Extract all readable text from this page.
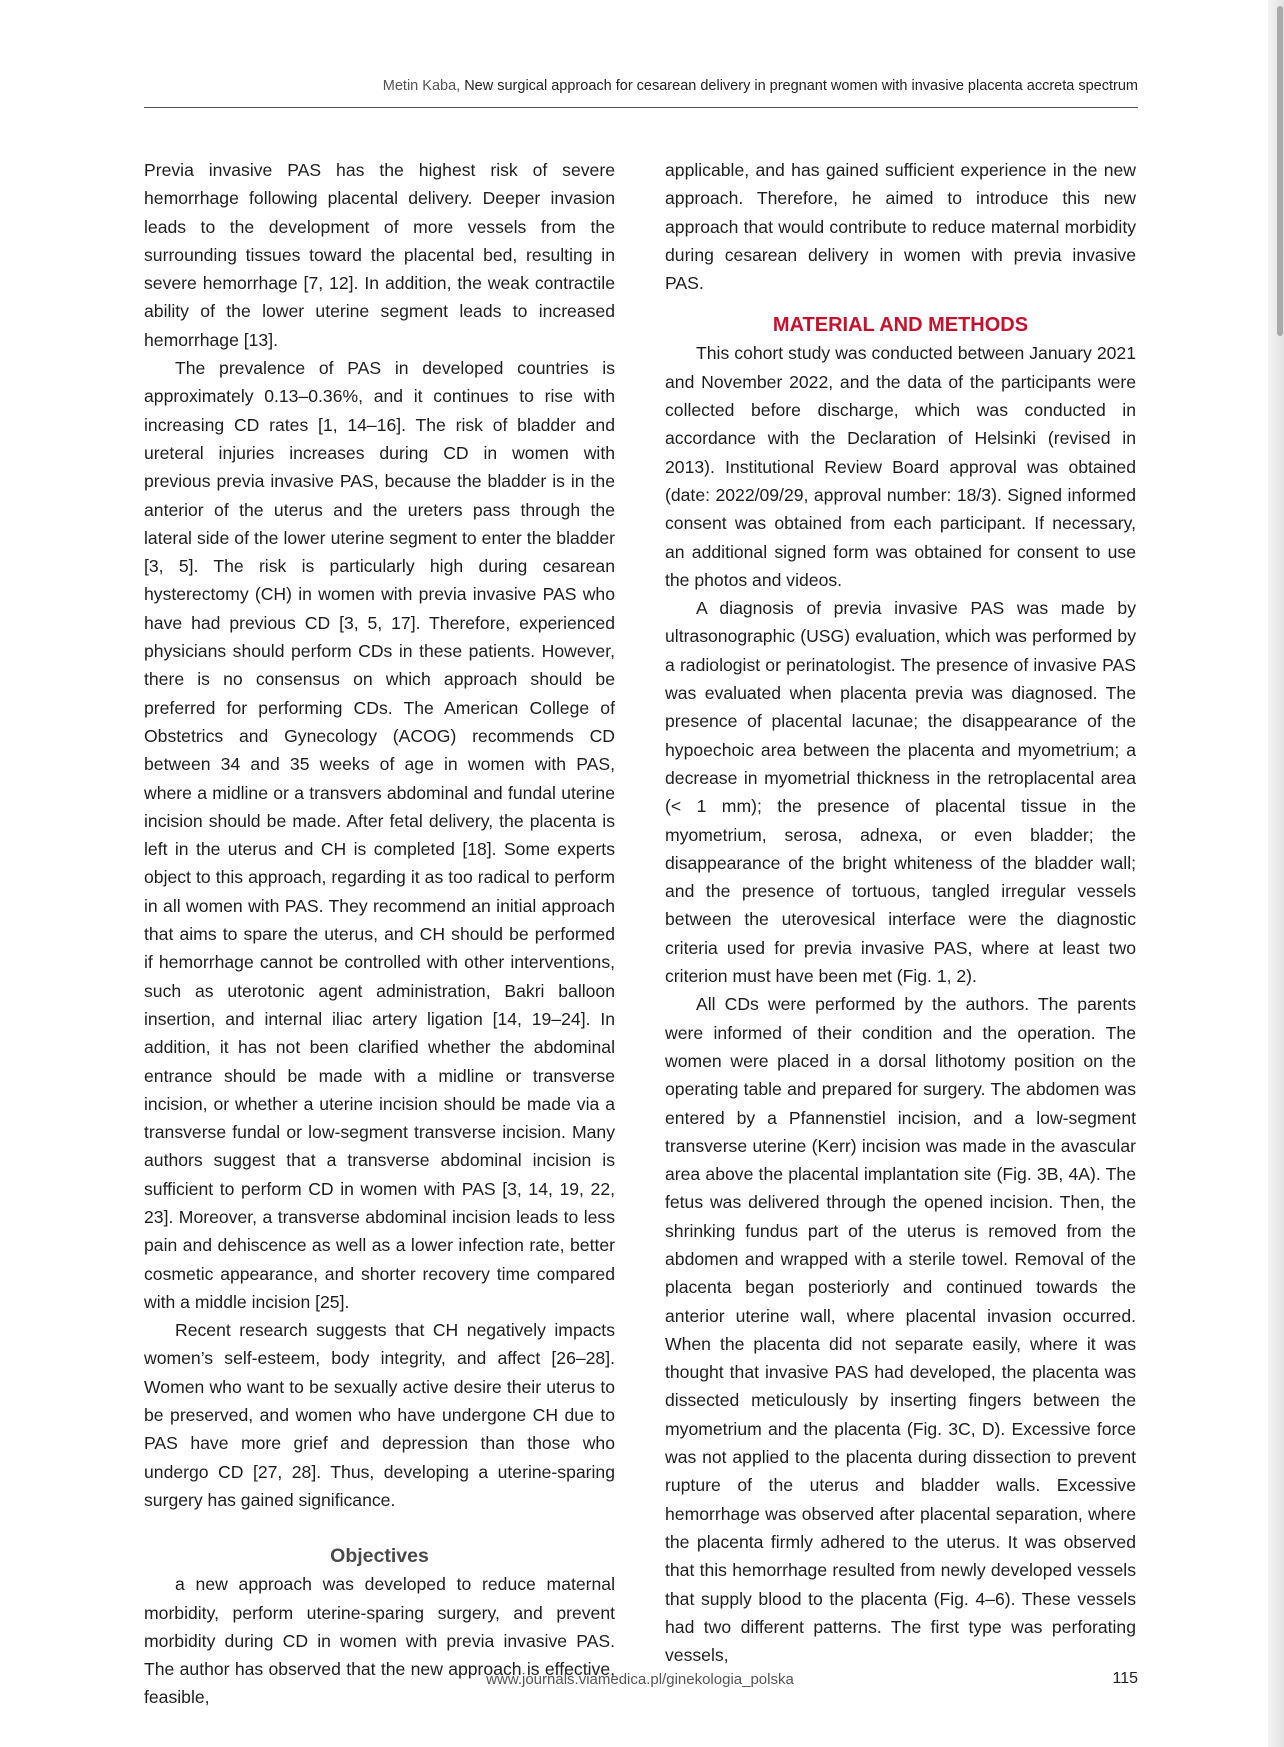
Metin Kaba, New surgical approach for cesarean delivery in pregnant women with invasive placenta accreta spectrum

Previa invasive PAS has the highest risk of severe hemorrhage following placental delivery. Deeper invasion leads to the development of more vessels from the surrounding tissues toward the placental bed, resulting in severe hemorrhage [7, 12]. In addition, the weak contractile ability of the lower uterine segment leads to increased hemorrhage [13].

The prevalence of PAS in developed countries is approximately 0.13–0.36%, and it continues to rise with increasing CD rates [1, 14–16]. The risk of bladder and ureteral injuries increases during CD in women with previous previa invasive PAS, because the bladder is in the anterior of the uterus and the ureters pass through the lateral side of the lower uterine segment to enter the bladder [3, 5]. The risk is particularly high during cesarean hysterectomy (CH) in women with previa invasive PAS who have had previous CD [3, 5, 17]. Therefore, experienced physicians should perform CDs in these patients. However, there is no consensus on which approach should be preferred for performing CDs. The American College of Obstetrics and Gynecology (ACOG) recommends CD between 34 and 35 weeks of age in women with PAS, where a midline or a transvers abdominal and fundal uterine incision should be made. After fetal delivery, the placenta is left in the uterus and CH is completed [18]. Some experts object to this approach, regarding it as too radical to perform in all women with PAS. They recommend an initial approach that aims to spare the uterus, and CH should be performed if hemorrhage cannot be controlled with other interventions, such as uterotonic agent administration, Bakri balloon insertion, and internal iliac artery ligation [14, 19–24]. In addition, it has not been clarified whether the abdominal entrance should be made with a midline or transverse incision, or whether a uterine incision should be made via a transverse fundal or low-segment transverse incision. Many authors suggest that a transverse abdominal incision is sufficient to perform CD in women with PAS [3, 14, 19, 22, 23]. Moreover, a transverse abdominal incision leads to less pain and dehiscence as well as a lower infection rate, better cosmetic appearance, and shorter recovery time compared with a middle incision [25].

Recent research suggests that CH negatively impacts women’s self-esteem, body integrity, and affect [26–28]. Women who want to be sexually active desire their uterus to be preserved, and women who have undergone CH due to PAS have more grief and depression than those who undergo CD [27, 28]. Thus, developing a uterine-sparing surgery has gained significance.

Objectives

a new approach was developed to reduce maternal morbidity, perform uterine-sparing surgery, and prevent morbidity during CD in women with previa invasive PAS. The author has observed that the new approach is effective, feasible,

applicable, and has gained sufficient experience in the new approach. Therefore, he aimed to introduce this new approach that would contribute to reduce maternal morbidity during cesarean delivery in women with previa invasive PAS.

MATERIAL AND METHODS

This cohort study was conducted between January 2021 and November 2022, and the data of the participants were collected before discharge, which was conducted in accordance with the Declaration of Helsinki (revised in 2013). Institutional Review Board approval was obtained (date: 2022/09/29, approval number: 18/3). Signed informed consent was obtained from each participant. If necessary, an additional signed form was obtained for consent to use the photos and videos.

A diagnosis of previa invasive PAS was made by ultrasonographic (USG) evaluation, which was performed by a radiologist or perinatologist. The presence of invasive PAS was evaluated when placenta previa was diagnosed. The presence of placental lacunae; the disappearance of the hypoechoic area between the placenta and myometrium; a decrease in myometrial thickness in the retroplacental area (< 1 mm); the presence of placental tissue in the myometrium, serosa, adnexa, or even bladder; the disappearance of the bright whiteness of the bladder wall; and the presence of tortuous, tangled irregular vessels between the uterovesical interface were the diagnostic criteria used for previa invasive PAS, where at least two criterion must have been met (Fig. 1, 2).

All CDs were performed by the authors. The parents were informed of their condition and the operation. The women were placed in a dorsal lithotomy position on the operating table and prepared for surgery. The abdomen was entered by a Pfannenstiel incision, and a low-segment transverse uterine (Kerr) incision was made in the avascular area above the placental implantation site (Fig. 3B, 4A). The fetus was delivered through the opened incision. Then, the shrinking fundus part of the uterus is removed from the abdomen and wrapped with a sterile towel. Removal of the placenta began posteriorly and continued towards the anterior uterine wall, where placental invasion occurred. When the placenta did not separate easily, where it was thought that invasive PAS had developed, the placenta was dissected meticulously by inserting fingers between the myometrium and the placenta (Fig. 3C, D). Excessive force was not applied to the placenta during dissection to prevent rupture of the uterus and bladder walls. Excessive hemorrhage was observed after placental separation, where the placenta firmly adhered to the uterus. It was observed that this hemorrhage resulted from newly developed vessels that supply blood to the placenta (Fig. 4–6). These vessels had two different patterns. The first type was perforating vessels,

www.journals.viamedica.pl/ginekologia_polska	115
